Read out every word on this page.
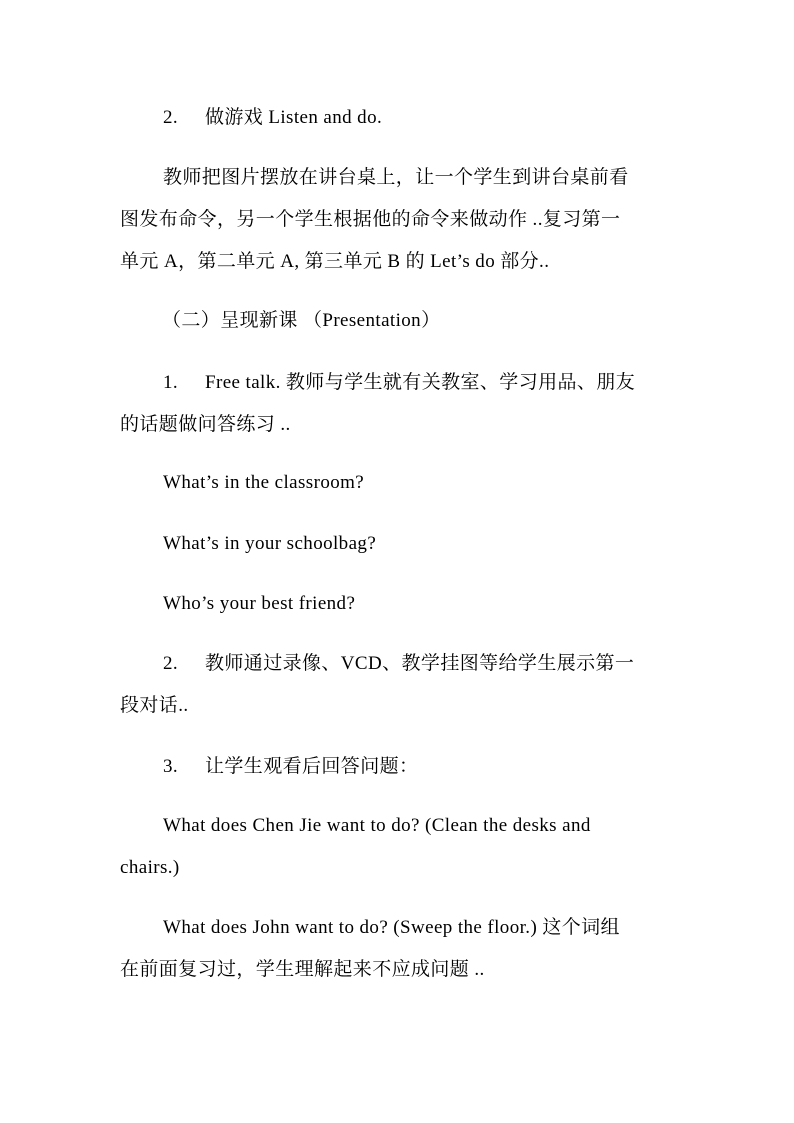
2. 做游戏 Listen and do.
教师把图片摆放在讲台桌上，让一个学生到讲台桌前看
图发布命令，另一个学生根据他的命令来做动作 ..复习第一
单元 A，第二单元 A, 第三单元 B 的 Let’s do 部分..
（二）呈现新课 （Presentation）
1. Free talk. 教师与学生就有关教室、学习用品、朋友
的话题做问答练习 ..
What’s in the classroom?
What’s in your schoolbag?
Who’s your best friend?
2. 教师通过录像、VCD、教学挂图等给学生展示第一
段对话..
3. 让学生观看后回答问题：
What does Chen Jie want to do? (Clean the desks and
chairs.)
What does John want to do? (Sweep the floor.) 这个词组
在前面复习过，学生理解起来不应成问题 ..
